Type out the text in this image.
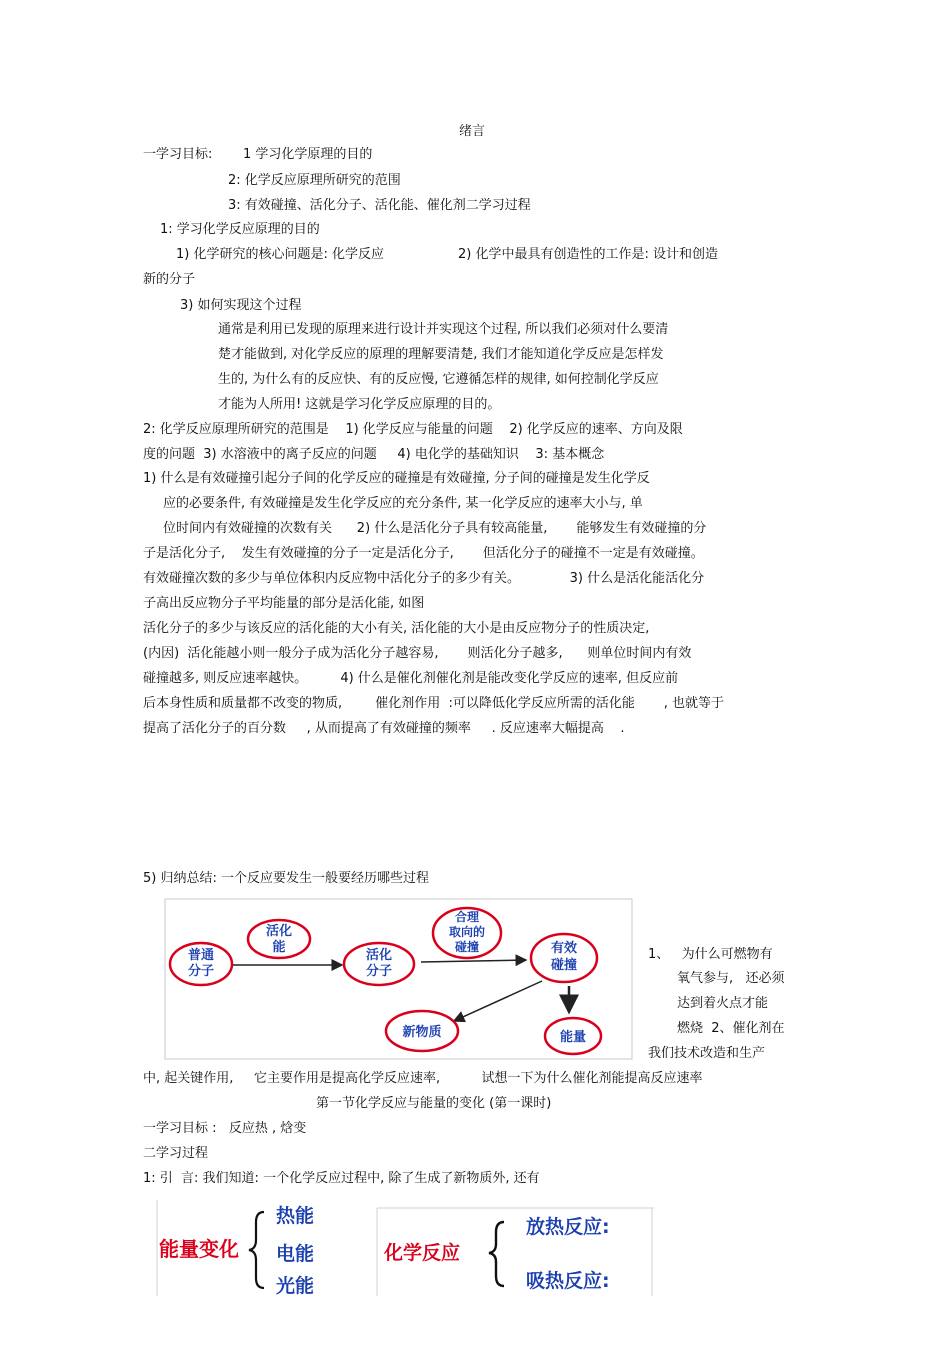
绪言
一学习目标: 1 学习化学原理的目的
2: 化学反应原理所研究的范围
3: 有效碰撞、活化分子、活化能、催化剂二学习过程
1: 学习化学反应原理的目的
1) 化学研究的核心问题是: 化学反应	2) 化学中最具有创造性的工作是: 设计和创造
新的分子
3) 如何实现这个过程
通常是利用已发现的原理来进行设计并实现这个过程, 所以我们必须对什么要清
楚才能做到, 对化学反应的原理的理解要清楚, 我们才能知道化学反应是怎样发
生的, 为什么有的反应快、有的反应慢, 它遵循怎样的规律, 如何控制化学反应
才能为人所用! 这就是学习化学反应原理的目的。
2: 化学反应原理所研究的范围是    1) 化学反应与能量的问题    2) 化学反应的速率、方向及限
度的问题  3) 水溶液中的离子反应的问题     4) 电化学的基础知识    3: 基本概念
1) 什么是有效碰撞引起分子间的化学反应的碰撞是有效碰撞, 分子间的碰撞是发生化学反
应的必要条件, 有效碰撞是发生化学反应的充分条件, 某一化学反应的速率大小与, 单
位时间内有效碰撞的次数有关      2) 什么是活化分子具有较高能量,       能够发生有效碰撞的分
子是活化分子,    发生有效碰撞的分子一定是活化分子,       但活化分子的碰撞不一定是有效碰撞。
有效碰撞次数的多少与单位体积内反应物中活化分子的多少有关。            3) 什么是活化能活化分
子高出反应物分子平均能量的部分是活化能, 如图
活化分子的多少与该反应的活化能的大小有关, 活化能的大小是由反应物分子的性质决定,
(内因)  活化能越小则一般分子成为活化分子越容易,       则活化分子越多,      则单位时间内有效
碰撞越多, 则反应速率越快。        4) 什么是催化剂催化剂是能改变化学反应的速率, 但反应前
后本身性质和质量都不改变的物质,        催化剂作用  :可以降低化学反应所需的活化能       , 也就等于
提高了活化分子的百分数     , 从而提高了有效碰撞的频率     . 反应速率大幅提高    .
5) 归纳总结: 一个反应要发生一般要经历哪些过程
普通
分子
活化
能
活化
分子
合理
取向的
碰撞	有效
碰撞
新物质	能量
1、   为什么可燃物有
氧气参与,   还必须
达到着火点才能
燃烧  2、催化剂在
我们技术改造和生产
中, 起关键作用,     它主要作用是提高化学反应速率,          试想一下为什么催化剂能提高反应速率
第一节化学反应与能量的变化 (第一课时)
一学习目标 :   反应热 , 焓变
二学习过程
1: 引  言: 我们知道: 一个化学反应过程中, 除了生成了新物质外, 还有
能量变化
热能
电能
光能
化学反应
放热反应:
吸热反应:
